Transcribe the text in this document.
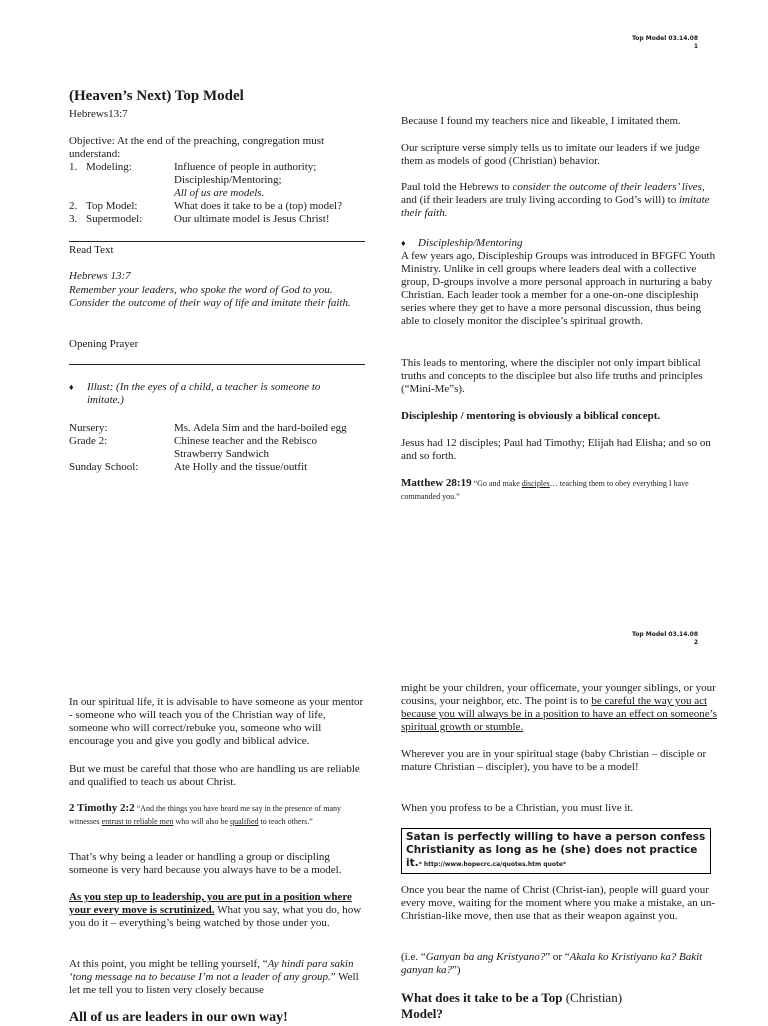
Top Model 03.14.08
1
(Heaven’s Next) Top Model
Hebrews13:7
Objective: At the end of the preaching, congregation must understand:
1. Modeling:	Influence of people in authority;
Discipleship/Mentoring;
All of us are models.
2. Top Model:	What does it take to be a (top) model?
3. Supermodel:	Our ultimate model is Jesus Christ!
Read Text
Hebrews 13:7
Remember your leaders, who spoke the word of God to you. Consider the outcome of their way of life and imitate their faith.
Opening Prayer
♦ Illust: (In the eyes of a child, a teacher is someone to imitate.)
Nursery:	Ms. Adela Sim and the hard-boiled egg
Grade 2:	Chinese teacher and the Rebisco Strawberry Sandwich
Sunday School:	Ate Holly and the tissue/outfit
Because I found my teachers nice and likeable, I imitated them.
Our scripture verse simply tells us to imitate our leaders if we judge them as models of good (Christian) behavior.
Paul told the Hebrews to consider the outcome of their leaders’ lives, and (if their leaders are truly living according to God’s will) to imitate their faith.
♦ Discipleship/Mentoring
A few years ago, Discipleship Groups was introduced in BFGFC Youth Ministry. Unlike in cell groups where leaders deal with a collective group, D-groups involve a more personal approach in nurturing a baby Christian. Each leader took a member for a one-on-one discipleship series where they get to have a more personal discussion, thus being able to closely monitor the disciplee’s spiritual growth.
This leads to mentoring, where the discipler not only impart biblical truths and concepts to the disciplee but also life truths and principles (“Mini-Me”s).
Discipleship / mentoring is obviously a biblical concept.
Jesus had 12 disciples; Paul had Timothy; Elijah had Elisha; and so on and so forth.
Matthew 28:19 “Go and make disciples… teaching them to obey everything I have commanded you.”
Top Model 03.14.08
2
In our spiritual life, it is advisable to have someone as your mentor - someone who will teach you of the Christian way of life, someone who will correct/rebuke you, someone who will encourage you and give you godly and biblical advice.
But we must be careful that those who are handling us are reliable and qualified to teach us about Christ.
2 Timothy 2:2 “And the things you have heard me say in the presence of many witnesses entrust to reliable men who will also be qualified to teach others.”
That’s why being a leader or handling a group or discipling someone is very hard because you always have to be a model.
As you step up to leadership, you are put in a position where your every move is scrutinized. What you say, what you do, how you do it – everything’s being watched by those under you.
At this point, you might be telling yourself, “Ay hindi para sakin ‘tong message na to because I’m not a leader of any group.” Well let me tell you to listen very closely because
All of us are leaders in our own way!
might be your children, your officemate, your younger siblings, or your cousins, your neighbor, etc. The point is to be careful the way you act because you will always be in a position to have an effect on someone’s spiritual growth or stumble.
Wherever you are in your spiritual stage (baby Christian – disciple or mature Christian – discipler), you have to be a model!
When you profess to be a Christian, you must live it.
Satan is perfectly willing to have a person confess Christianity as long as he (she) does not practice it.* http://www.hopecrc.ca/quotes.htm quote*
Once you bear the name of Christ (Christ-ian), people will guard your every move, waiting for the moment where you make a mistake, an un-Christian-like move, then use that as their weapon against you.
(i.e. “Ganyan ba ang Kristyano?” or “Akala ko Kristiyano ka? Bakit ganyan ka?”)
What does it take to be a Top (Christian) Model?
